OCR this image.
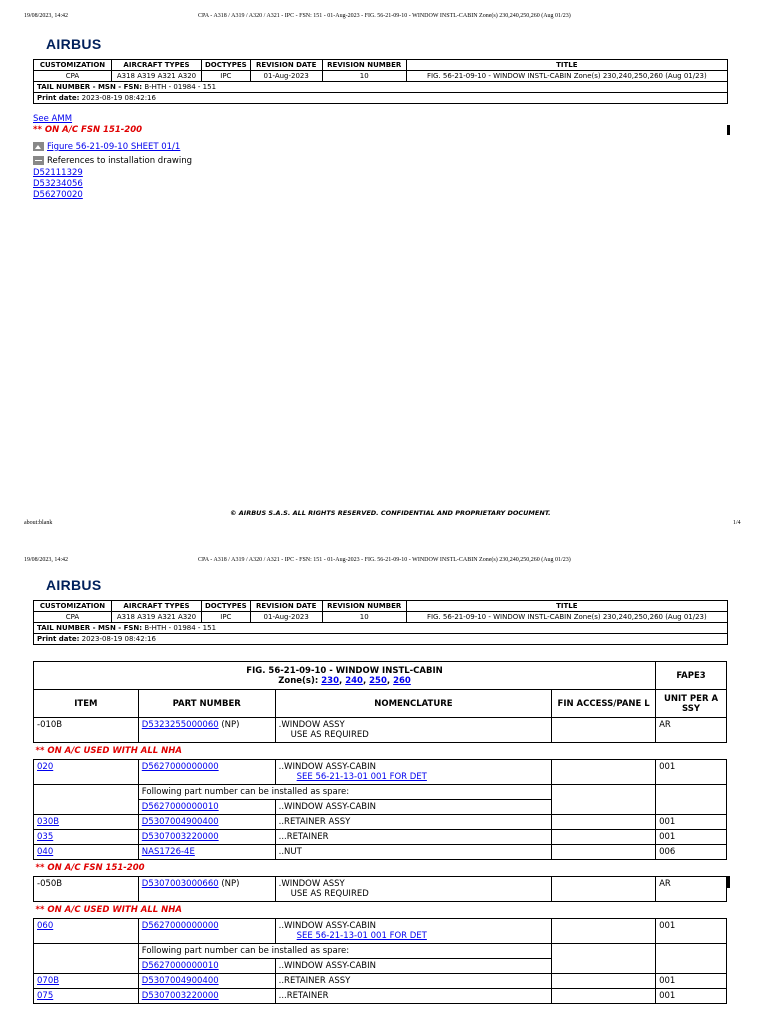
19/08/2023, 14:42	CPA - A318 / A319 / A320 / A321 - IPC - FSN: 151 - 01-Aug-2023 - FIG. 56-21-09-10 - WINDOW INSTL-CABIN Zone(s) 230,240,250,260 (Aug 01/23)
AIRBUS
CUSTOMIZATION	AIRCRAFT TYPES	DOCTYPES	REVISION DATE	REVISION NUMBER	TITLE
CPA	A318 A319 A321 A320	IPC	01-Aug-2023	10	FIG. 56-21-09-10 - WINDOW INSTL-CABIN Zone(s) 230,240,250,260 (Aug 01/23)
TAIL NUMBER - MSN - FSN: B-HTH - 01984 - 151					
Print date: 2023-08-19 08:42:16					
See AMM
** ON A/C FSN 151-200

Figure 56-21-09-10 SHEET 01/1
References to installation drawing
D52111329
D53234056
D56270020
© AIRBUS S.A.S. ALL RIGHTS RESERVED. CONFIDENTIAL AND PROPRIETARY DOCUMENT.
about:blank	1/4
19/08/2023, 14:42	CPA - A318 / A319 / A320 / A321 - IPC - FSN: 151 - 01-Aug-2023 - FIG. 56-21-09-10 - WINDOW INSTL-CABIN Zone(s) 230,240,250,260 (Aug 01/23)
AIRBUS
CUSTOMIZATION	AIRCRAFT TYPES	DOCTYPES	REVISION DATE	REVISION NUMBER	TITLE
CPA	A318 A319 A321 A320	IPC	01-Aug-2023	10	FIG. 56-21-09-10 - WINDOW INSTL-CABIN Zone(s) 230,240,250,260 (Aug 01/23)
TAIL NUMBER - MSN - FSN: B-HTH - 01984 - 151					
Print date: 2023-08-19 08:42:16					
FIG. 56-21-09-10 - WINDOW INSTL-CABIN
Zone(s): 230, 240, 250, 260				FAPE3
ITEM	PART NUMBER	NOMENCLATURE	FIN ACCESS/PANE L	UNIT PER A SSY
-010B	D5323255000060 (NP)	.WINDOW ASSY
USE AS REQUIRED		AR
** ON A/C USED WITH ALL NHA				
020	D5627000000000	..WINDOW ASSY-CABIN
SEE 56-21-13-01 001 FOR DET		001
	Following part number can be installed as spare:			
	D5627000000010	..WINDOW ASSY-CABIN		
030B	D5307004900400	..RETAINER ASSY		001
035	D5307003220000	...RETAINER		001
040	NAS1726-4E	..NUT		006
** ON A/C FSN 151-200				
-050B	D5307003000660 (NP)	.WINDOW ASSY
USE AS REQUIRED		AR
** ON A/C USED WITH ALL NHA				
060	D5627000000000	..WINDOW ASSY-CABIN
SEE 56-21-13-01 001 FOR DET		001
	Following part number can be installed as spare:			
	D5627000000010	..WINDOW ASSY-CABIN		
070B	D5307004900400	..RETAINER ASSY		001
075	D5307003220000	...RETAINER		001
